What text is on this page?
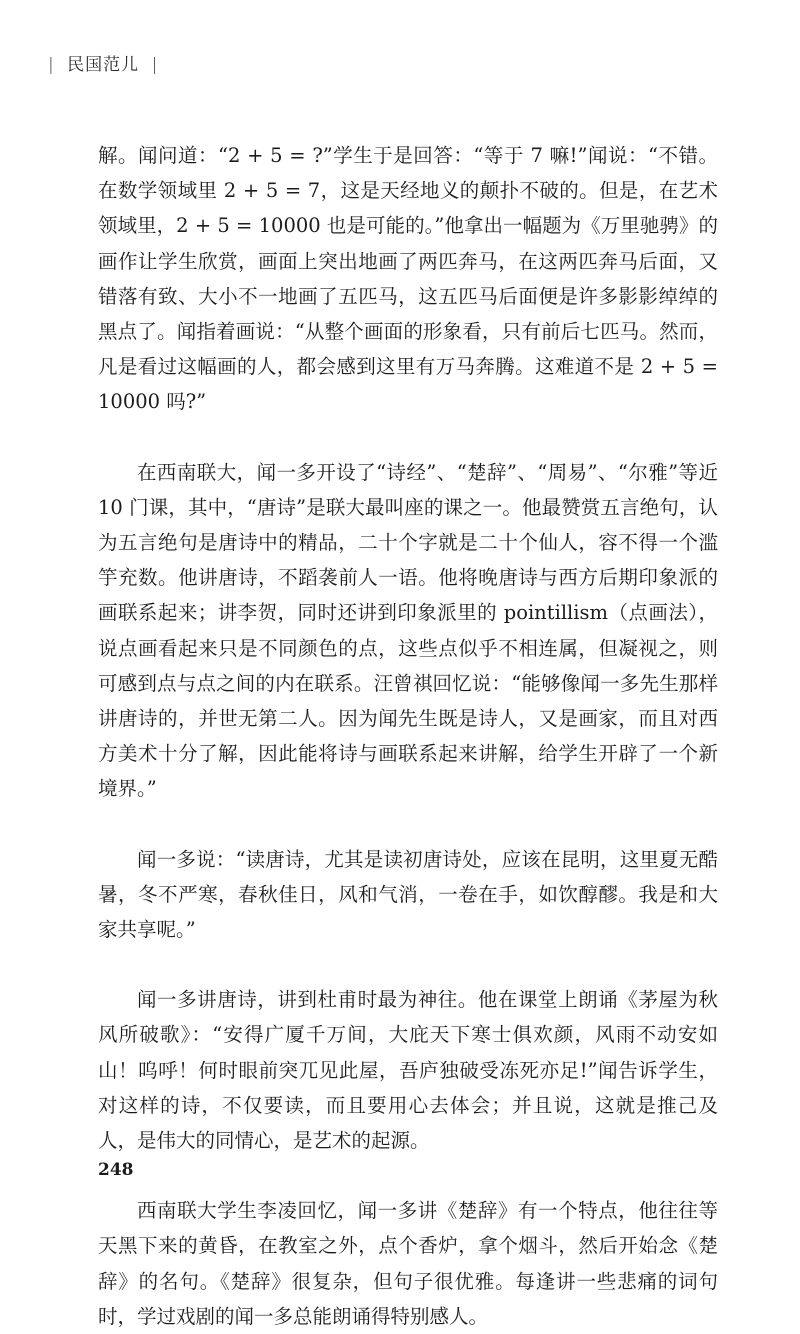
| 民国范儿 |

解。闻问道：“2 + 5 = ?”学生于是回答：“等于 7 嘛!”闻说：“不错。在数学领域里 2 + 5 = 7，这是天经地义的颠扑不破的。但是，在艺术领域里，2 + 5 = 10000 也是可能的。”他拿出一幅题为《万里驰骋》的画作让学生欣赏，画面上突出地画了两匹奔马，在这两匹奔马后面，又错落有致、大小不一地画了五匹马，这五匹马后面便是许多影影绰绰的黑点了。闻指着画说：“从整个画面的形象看，只有前后七匹马。然而，凡是看过这幅画的人，都会感到这里有万马奔腾。这难道不是 2 + 5 = 10000 吗?”

在西南联大，闻一多开设了“诗经”、“楚辞”、“周易”、“尔雅”等近 10 门课，其中，“唐诗”是联大最叫座的课之一。他最赞赏五言绝句，认为五言绝句是唐诗中的精品，二十个字就是二十个仙人，容不得一个滥竽充数。他讲唐诗，不蹈袭前人一语。他将晚唐诗与西方后期印象派的画联系起来；讲李贺，同时还讲到印象派里的 pointillism（点画法），说点画看起来只是不同颜色的点，这些点似乎不相连属，但凝视之，则可感到点与点之间的内在联系。汪曾祺回忆说：“能够像闻一多先生那样讲唐诗的，并世无第二人。因为闻先生既是诗人，又是画家，而且对西方美术十分了解，因此能将诗与画联系起来讲解，给学生开辟了一个新境界。”

闻一多说：“读唐诗，尤其是读初唐诗处，应该在昆明，这里夏无酷暑，冬不严寒，春秋佳日，风和气消，一卷在手，如饮醇醪。我是和大家共享呢。”

闻一多讲唐诗，讲到杜甫时最为神往。他在课堂上朗诵《茅屋为秋风所破歌》：“安得广厦千万间，大庇天下寒士俱欢颜，风雨不动安如山！呜呼！何时眼前突兀见此屋，吾庐独破受冻死亦足!”闻告诉学生，对这样的诗，不仅要读，而且要用心去体会；并且说，这就是推己及人，是伟大的同情心，是艺术的起源。

西南联大学生李凌回忆，闻一多讲《楚辞》有一个特点，他往往等天黑下来的黄昏，在教室之外，点个香炉，拿个烟斗，然后开始念《楚辞》的名句。《楚辞》很复杂，但句子很优雅。每逢讲一些悲痛的词句时，学过戏剧的闻一多总能朗诵得特别感人。

248
